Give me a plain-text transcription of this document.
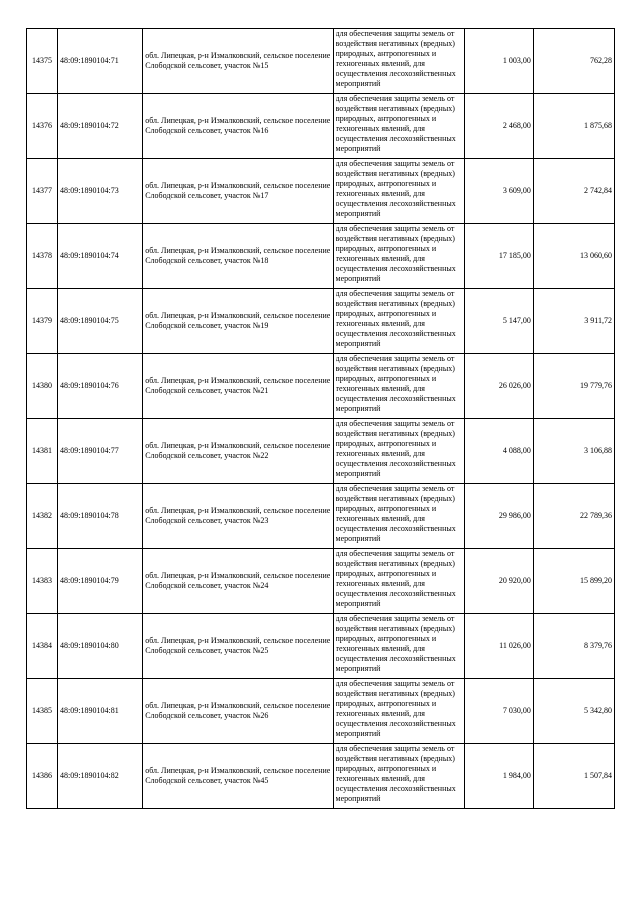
14375	48:09:1890104:71	обл. Липецкая, р-н Измалковский, сельское поселение Слободской сельсовет, участок №15	для обеспечения защиты земель от воздействия негативных (вредных) природных, антропогенных и техногенных явлений, для осуществления лесохозяйственных мероприятий	1 003,00	762,28
14376	48:09:1890104:72	обл. Липецкая, р-н Измалковский, сельское поселение Слободской сельсовет, участок №16	для обеспечения защиты земель от воздействия негативных (вредных) природных, антропогенных и техногенных явлений, для осуществления лесохозяйственных мероприятий	2 468,00	1 875,68
14377	48:09:1890104:73	обл. Липецкая, р-н Измалковский, сельское поселение Слободской сельсовет, участок №17	для обеспечения защиты земель от воздействия негативных (вредных) природных, антропогенных и техногенных явлений, для осуществления лесохозяйственных мероприятий	3 609,00	2 742,84
14378	48:09:1890104:74	обл. Липецкая, р-н Измалковский, сельское поселение Слободской сельсовет, участок №18	для обеспечения защиты земель от воздействия негативных (вредных) природных, антропогенных и техногенных явлений, для осуществления лесохозяйственных мероприятий	17 185,00	13 060,60
14379	48:09:1890104:75	обл. Липецкая, р-н Измалковский, сельское поселение Слободской сельсовет, участок №19	для обеспечения защиты земель от воздействия негативных (вредных) природных, антропогенных и техногенных явлений, для осуществления лесохозяйственных мероприятий	5 147,00	3 911,72
14380	48:09:1890104:76	обл. Липецкая, р-н Измалковский, сельское поселение Слободской сельсовет, участок №21	для обеспечения защиты земель от воздействия негативных (вредных) природных, антропогенных и техногенных явлений, для осуществления лесохозяйственных мероприятий	26 026,00	19 779,76
14381	48:09:1890104:77	обл. Липецкая, р-н Измалковский, сельское поселение Слободской сельсовет, участок №22	для обеспечения защиты земель от воздействия негативных (вредных) природных, антропогенных и техногенных явлений, для осуществления лесохозяйственных мероприятий	4 088,00	3 106,88
14382	48:09:1890104:78	обл. Липецкая, р-н Измалковский, сельское поселение Слободской сельсовет, участок №23	для обеспечения защиты земель от воздействия негативных (вредных) природных, антропогенных и техногенных явлений, для осуществления лесохозяйственных мероприятий	29 986,00	22 789,36
14383	48:09:1890104:79	обл. Липецкая, р-н Измалковский, сельское поселение Слободской сельсовет, участок №24	для обеспечения защиты земель от воздействия негативных (вредных) природных, антропогенных и техногенных явлений, для осуществления лесохозяйственных мероприятий	20 920,00	15 899,20
14384	48:09:1890104:80	обл. Липецкая, р-н Измалковский, сельское поселение Слободской сельсовет, участок №25	для обеспечения защиты земель от воздействия негативных (вредных) природных, антропогенных и техногенных явлений, для осуществления лесохозяйственных мероприятий	11 026,00	8 379,76
14385	48:09:1890104:81	обл. Липецкая, р-н Измалковский, сельское поселение Слободской сельсовет, участок №26	для обеспечения защиты земель от воздействия негативных (вредных) природных, антропогенных и техногенных явлений, для осуществления лесохозяйственных мероприятий	7 030,00	5 342,80
14386	48:09:1890104:82	обл. Липецкая, р-н Измалковский, сельское поселение Слободской сельсовет, участок №45	для обеспечения защиты земель от воздействия негативных (вредных) природных, антропогенных и техногенных явлений, для осуществления лесохозяйственных мероприятий	1 984,00	1 507,84
